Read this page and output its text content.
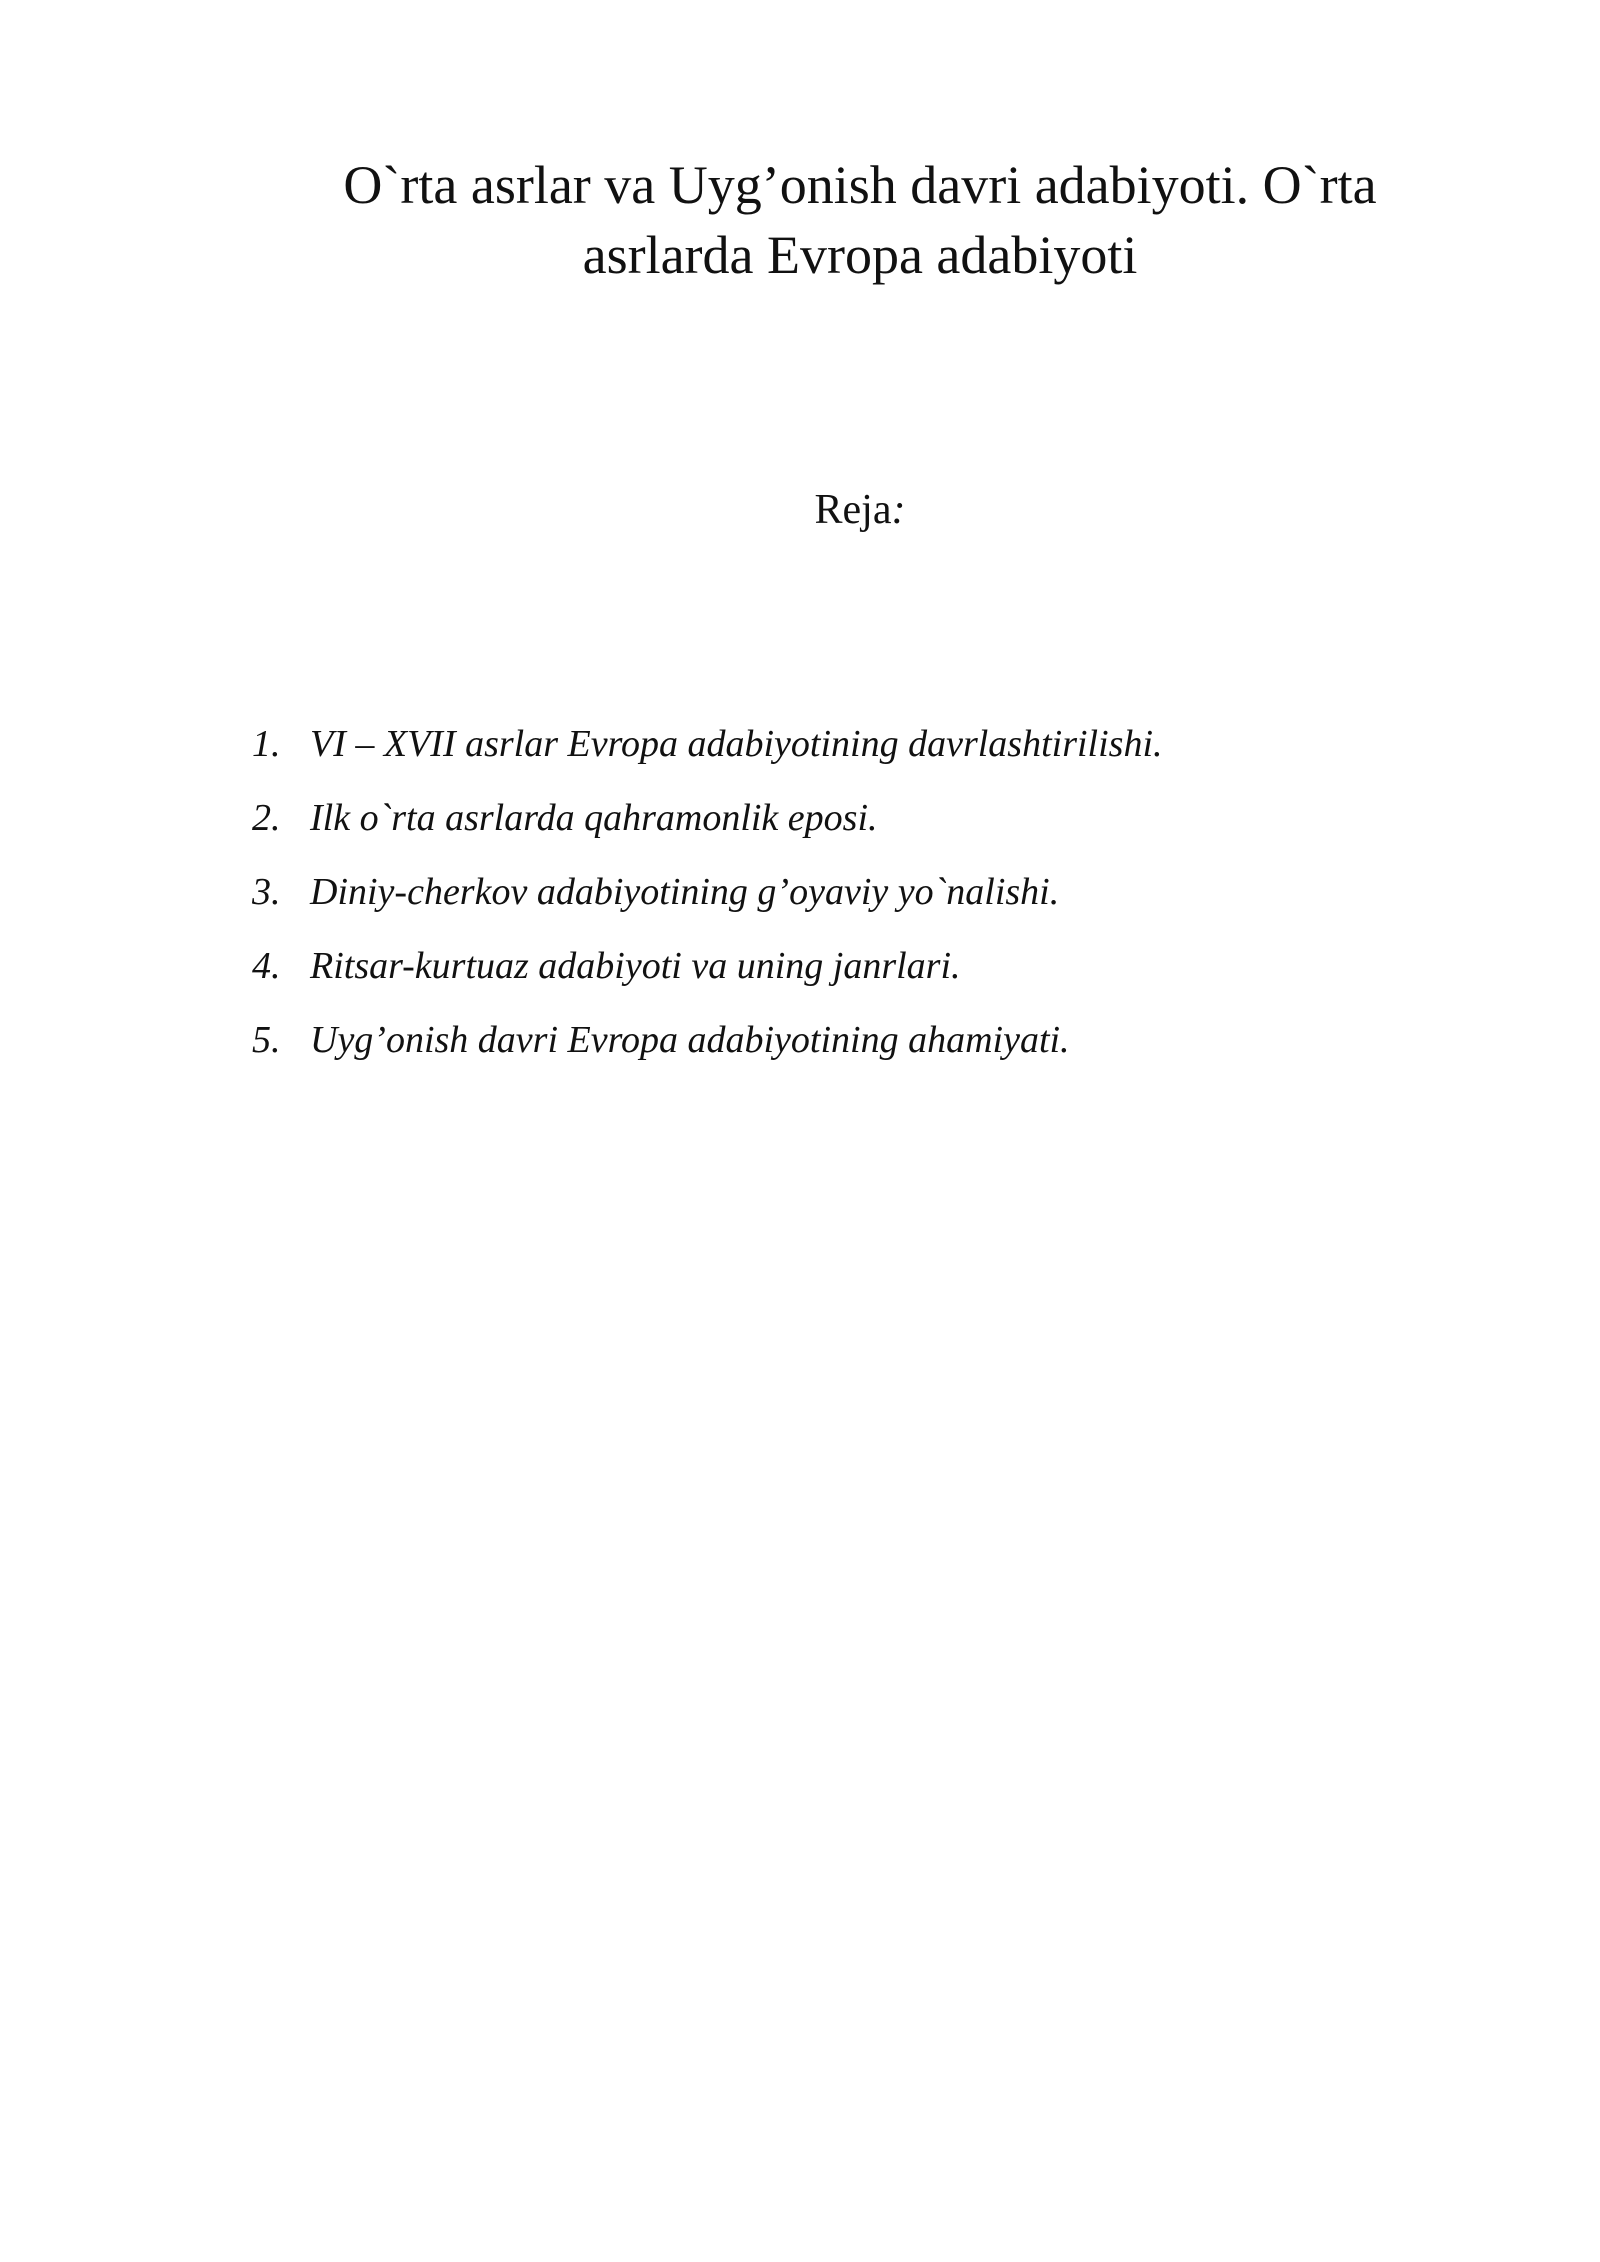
O`rta asrlar va Uyg’onish davri adabiyoti. O`rta
asrlarda Evropa adabiyoti
Reja:
1. VI – XVII asrlar Evropa adabiyotining davrlashtirilishi.
2. Ilk o`rta asrlarda qahramonlik eposi.
3. Diniy-cherkov adabiyotining g’oyaviy yo`nalishi.
4. Ritsar-kurtuaz adabiyoti va uning janrlari.
5. Uyg’onish davri Evropa adabiyotining ahamiyati.
